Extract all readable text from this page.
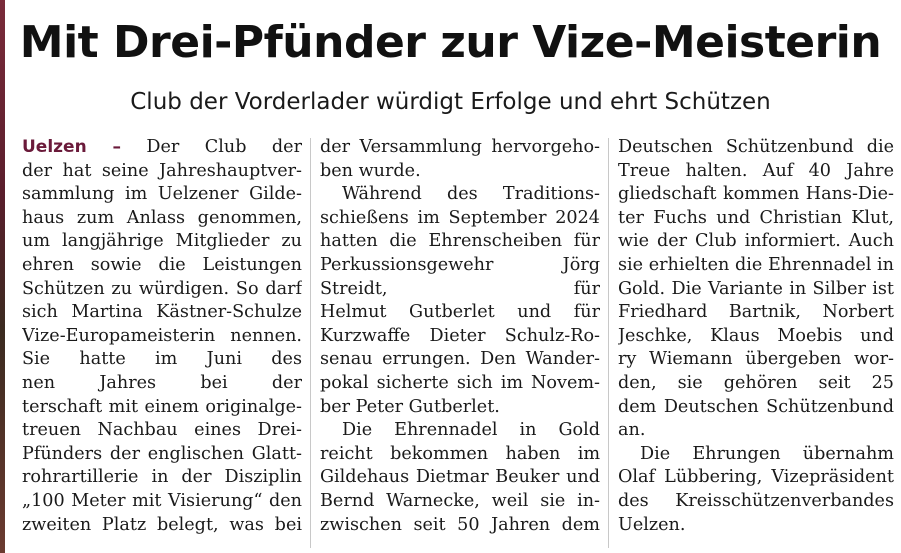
Mit Drei-Pfünder zur Vize-Meisterin
Club der Vorderlader würdigt Erfolge und ehrt Schützen
Uelzen – Der Club der
der hat seine Jahreshauptver-
sammlung im Uelzener Gilde-
haus zum Anlass genommen,
um langjährige Mitglieder zu
ehren sowie die Leistungen
Schützen zu würdigen. So darf
sich Martina Kästner-Schulze
Vize-Europameisterin nennen.
Sie hatte im Juni des
nen Jahres bei der
terschaft mit einem originalge-
treuen Nachbau eines Drei-
Pfünders der englischen Glatt-
rohrartillerie in der Disziplin
„100 Meter mit Visierung“ den
zweiten Platz belegt, was bei
der Versammlung hervorgeho-
ben wurde.
Während des Traditions-
schießens im September 2024
hatten die Ehrenscheiben für
Perkussionsgewehr Jörg
Streidt, für
Helmut Gutberlet und für
Kurzwaffe Dieter Schulz-Ro-
senau errungen. Den Wander-
pokal sicherte sich im Novem-
ber Peter Gutberlet.
Die Ehrennadel in Gold
reicht bekommen haben im
Gildehaus Dietmar Beuker und
Bernd Warnecke, weil sie in-
zwischen seit 50 Jahren dem
Deutschen Schützenbund die
Treue halten. Auf 40 Jahre
gliedschaft kommen Hans-Die-
ter Fuchs und Christian Klut,
wie der Club informiert. Auch
sie erhielten die Ehrennadel in
Gold. Die Variante in Silber ist
Friedhard Bartnik, Norbert
Jeschke, Klaus Moebis und
ry Wiemann übergeben wor-
den, sie gehören seit 25
dem Deutschen Schützenbund
an.
Die Ehrungen übernahm
Olaf Lübbering, Vizepräsident
des Kreisschützenverbandes
Uelzen.
